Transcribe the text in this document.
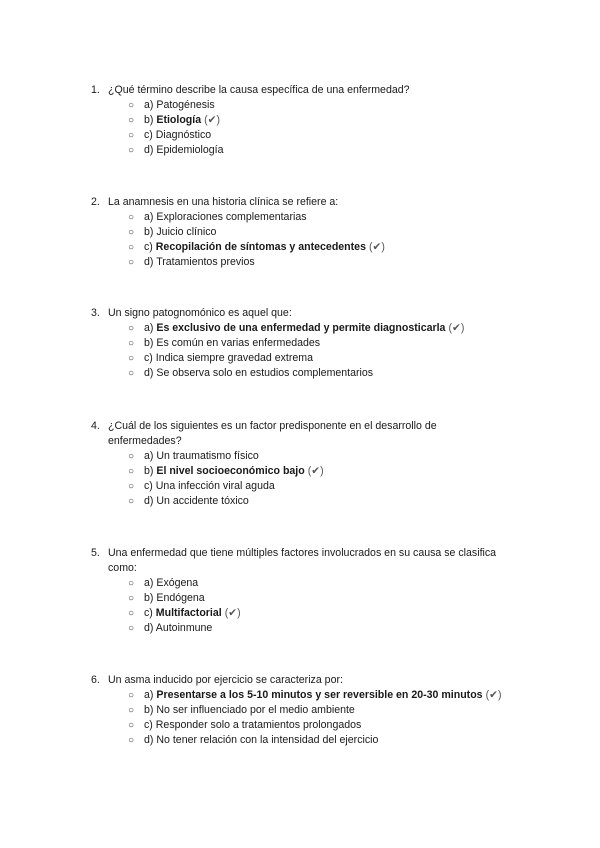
1. ¿Qué término describe la causa específica de una enfermedad?
○ a) Patogénesis
○ b) Etiología (✔)
○ c) Diagnóstico
○ d) Epidemiología
2. La anamnesis en una historia clínica se refiere a:
○ a) Exploraciones complementarias
○ b) Juicio clínico
○ c) Recopilación de síntomas y antecedentes (✔)
○ d) Tratamientos previos
3. Un signo patognomónico es aquel que:
○ a) Es exclusivo de una enfermedad y permite diagnosticarla (✔)
○ b) Es común en varias enfermedades
○ c) Indica siempre gravedad extrema
○ d) Se observa solo en estudios complementarios
4. ¿Cuál de los siguientes es un factor predisponente en el desarrollo de enfermedades?
○ a) Un traumatismo físico
○ b) El nivel socioeconómico bajo (✔)
○ c) Una infección viral aguda
○ d) Un accidente tóxico
5. Una enfermedad que tiene múltiples factores involucrados en su causa se clasifica como:
○ a) Exógena
○ b) Endógena
○ c) Multifactorial (✔)
○ d) Autoinmune
6. Un asma inducido por ejercicio se caracteriza por:
○ a) Presentarse a los 5-10 minutos y ser reversible en 20-30 minutos (✔)
○ b) No ser influenciado por el medio ambiente
○ c) Responder solo a tratamientos prolongados
○ d) No tener relación con la intensidad del ejercicio
